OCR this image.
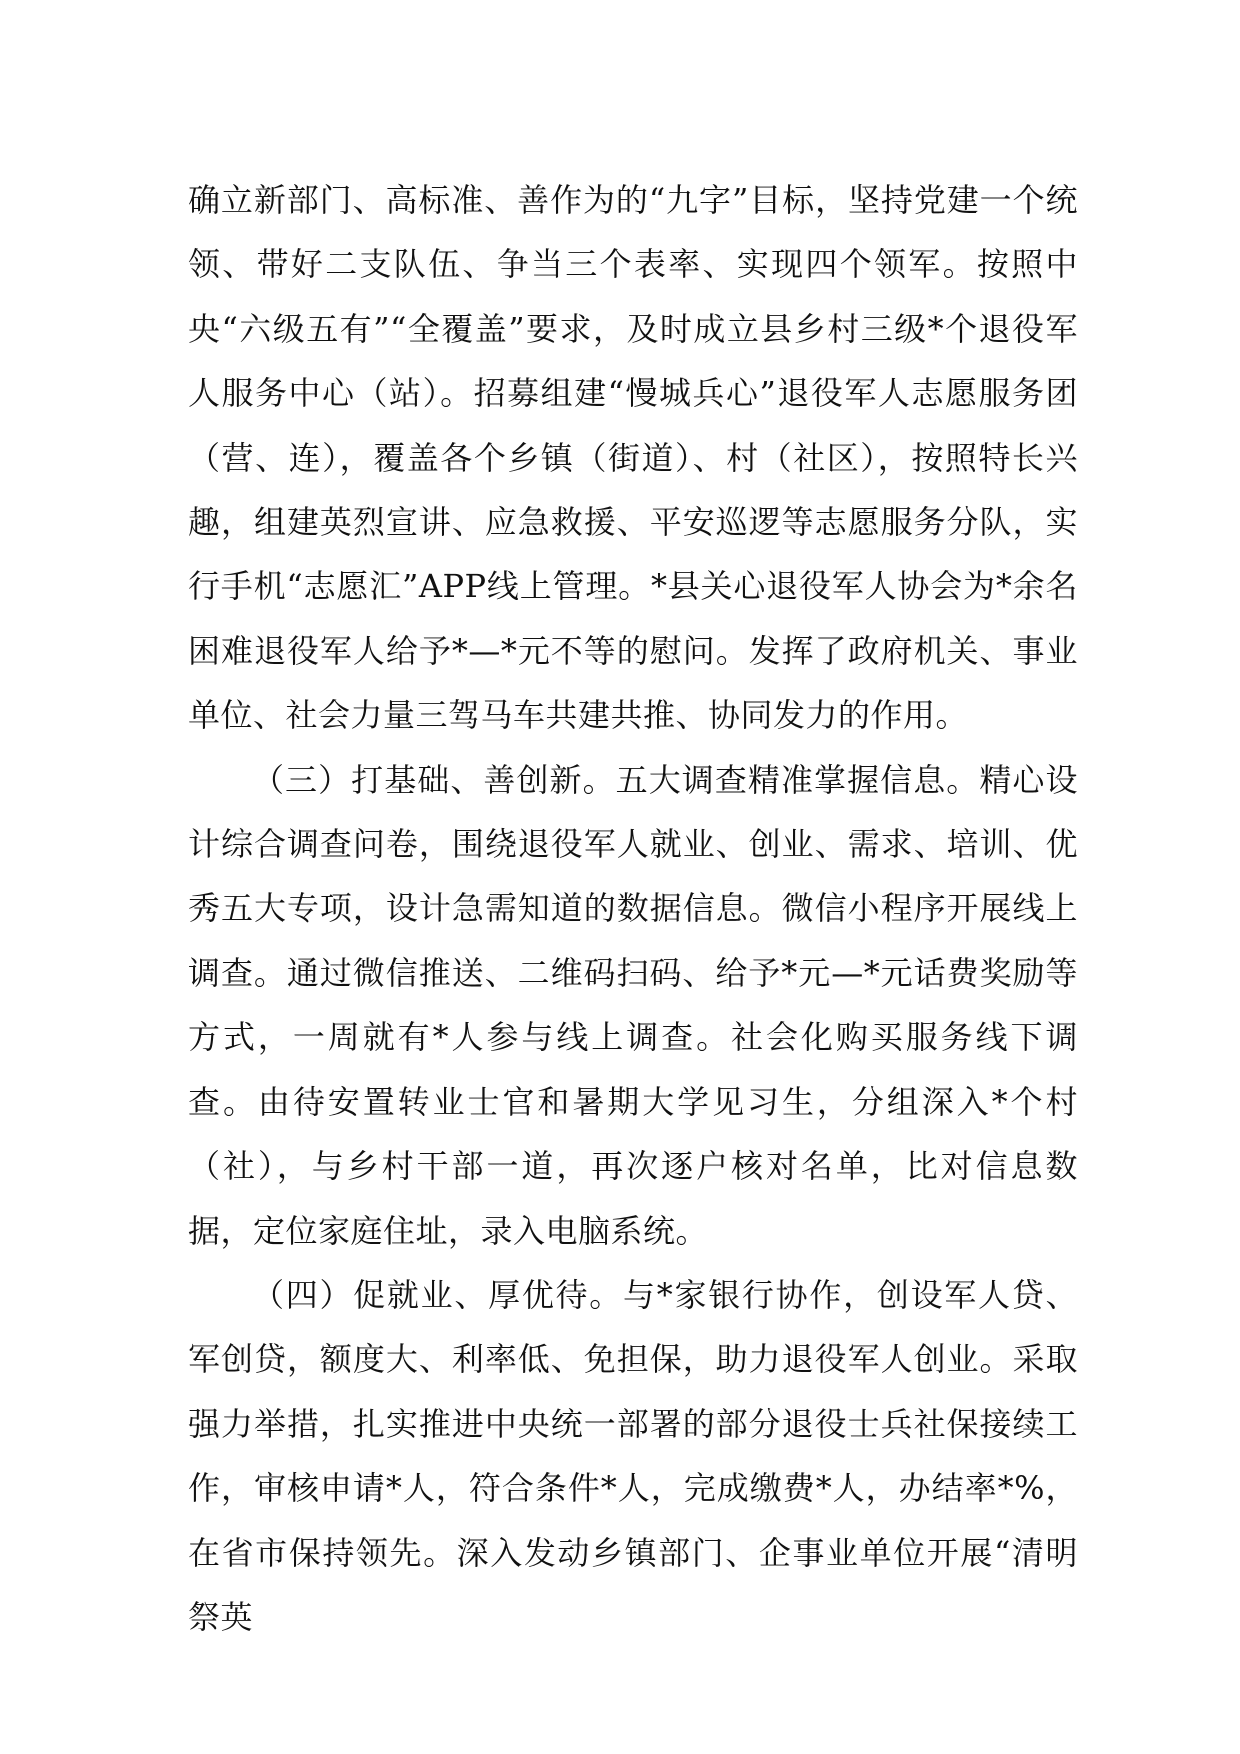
确立新部门、高标准、善作为的“九字”目标，坚持党建一个统领、带好二支队伍、争当三个表率、实现四个领军。按照中央“六级五有”“全覆盖”要求，及时成立县乡村三级*个退役军人服务中心（站）。招募组建“慢城兵心”退役军人志愿服务团（营、连），覆盖各个乡镇（街道）、村（社区），按照特长兴趣，组建英烈宣讲、应急救援、平安巡逻等志愿服务分队，实行手机“志愿汇”APP线上管理。*县关心退役军人协会为*余名困难退役军人给予*—*元不等的慰问。发挥了政府机关、事业单位、社会力量三驾马车共建共推、协同发力的作用。

（三）打基础、善创新。五大调查精准掌握信息。精心设计综合调查问卷，围绕退役军人就业、创业、需求、培训、优秀五大专项，设计急需知道的数据信息。微信小程序开展线上调查。通过微信推送、二维码扫码、给予*元—*元话费奖励等方式，一周就有*人参与线上调查。社会化购买服务线下调查。由待安置转业士官和暑期大学见习生，分组深入*个村（社），与乡村干部一道，再次逐户核对名单，比对信息数据，定位家庭住址，录入电脑系统。

（四）促就业、厚优待。与*家银行协作，创设军人贷、军创贷，额度大、利率低、免担保，助力退役军人创业。采取强力举措，扎实推进中央统一部署的部分退役士兵社保接续工作，审核申请*人，符合条件*人，完成缴费*人，办结率*%，在省市保持领先。深入发动乡镇部门、企事业单位开展“清明祭英
